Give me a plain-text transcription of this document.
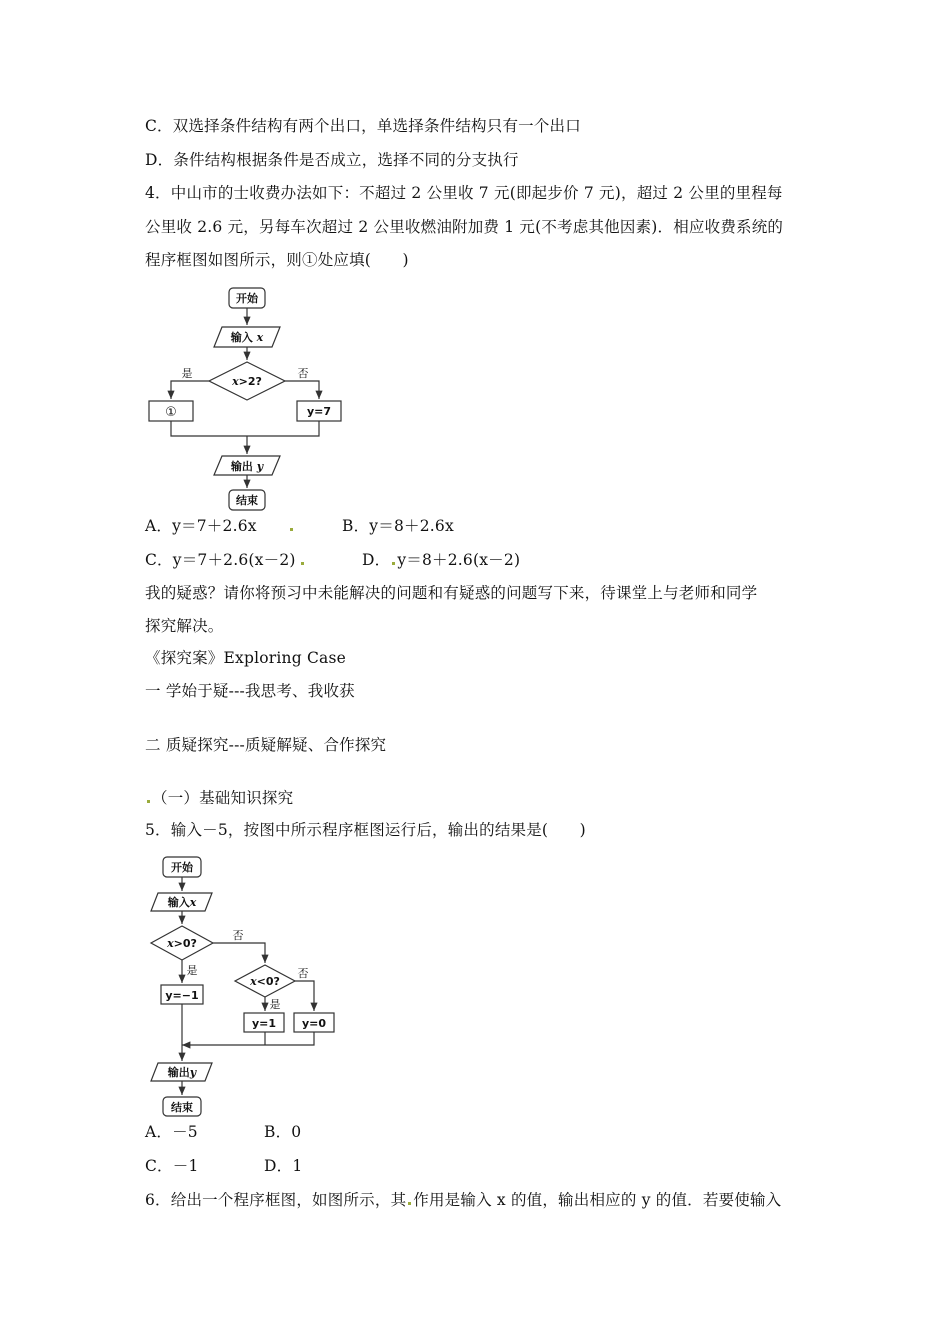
C．双选择条件结构有两个出口，单选择条件结构只有一个出口
D．条件结构根据条件是否成立，选择不同的分支执行
4．中山市的士收费办法如下：不超过 2 公里收 7 元(即起步价 7 元)，超过 2 公里的里程每
公里收 2.6 元，另每车次超过 2 公里收燃油附加费 1 元(不考虑其他因素)．相应收费系统的
程序框图如图所示，则①处应填(　　)
开始
输入 x
x>2?
是	否
①	y=7
输出 y
结束
A．y＝7＋2.6x	B．y＝8＋2.6x
C．y＝7＋2.6(x－2)	D． y＝8＋2.6(x－2)
我的疑惑？请你将预习中未能解决的问题和有疑惑的问题写下来，待课堂上与老师和同学
探究解决。
《探究案》Exploring Case
一 学始于疑---我思考、我收获
二 质疑探究---质疑解疑、合作探究
（一）基础知识探究
5．输入－5，按图中所示程序框图运行后，输出的结果是(　　)
开始
输入x
x>0?
否
是
y=−1
x<0?
否
是
y=1 y=0
输出y
结束
A．－5	B．0
C．－1	D．1
6．给出一个程序框图，如图所示，其 作用是输入 x 的值，输出相应的 y 的值．若要使输入
